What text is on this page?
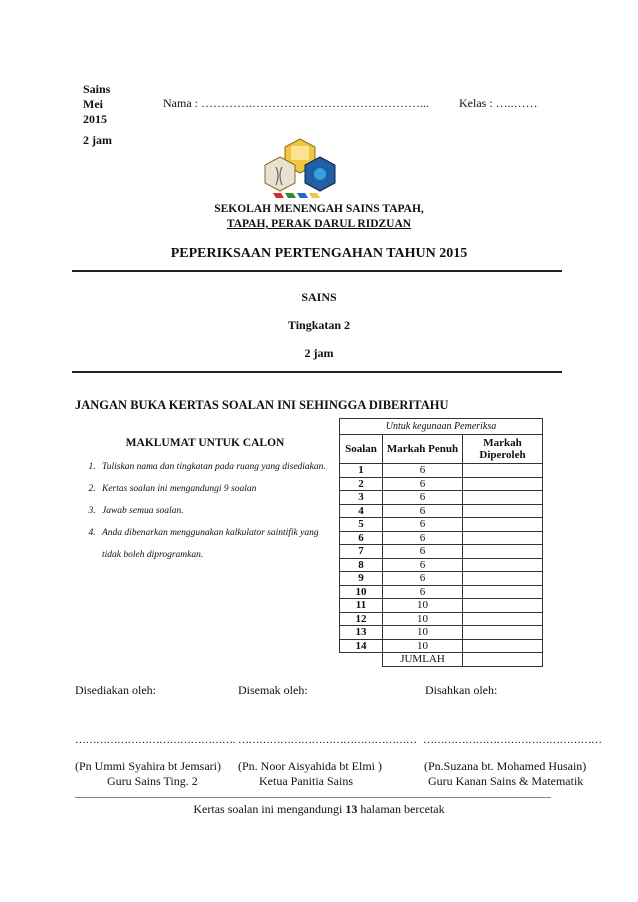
Sains
Mei
2015
2 jam
Nama : ………….……………………………………...	Kelas : …..……
SEKOLAH MENENGAH SAINS TAPAH,
TAPAH, PERAK DARUL RIDZUAN
PEPERIKSAAN PERTENGAHAN TAHUN 2015
SAINS
Tingkatan 2
2 jam
JANGAN BUKA KERTAS SOALAN INI SEHINGGA DIBERITAHU
MAKLUMAT UNTUK CALON
1. Tuliskan nama dan tingkatan pada ruang yang disediakan.
2. Kertas soalan ini mengandungi 9 soalan
3. Jawab semua soalan.
4. Anda dibenarkan menggunakan kalkulator saintifik yang tidak boleh diprogramkan.
Untuk kegunaan Pemeriksa		
Soalan	Markah Penuh	Markah Diperoleh
1	6	
2	6	
3	6	
4	6	
5	6	
6	6	
7	6	
8	6	
9	6	
10	6	
11	10	
12	10	
13	10	
14	10	
	JUMLAH	
Disediakan oleh:	Disemak oleh:	Disahkan oleh:
………………………………………. …………………………………………… ……………………………………………
(Pn Ummi Syahira bt Jemsari) (Pn. Noor Aisyahida bt Elmi )	(Pn.Suzana bt. Mohamed Husain)
Guru Sains Ting. 2	Ketua Panitia Sains	Guru Kanan Sains & Matematik
Kertas soalan ini mengandungi 13 halaman bercetak
